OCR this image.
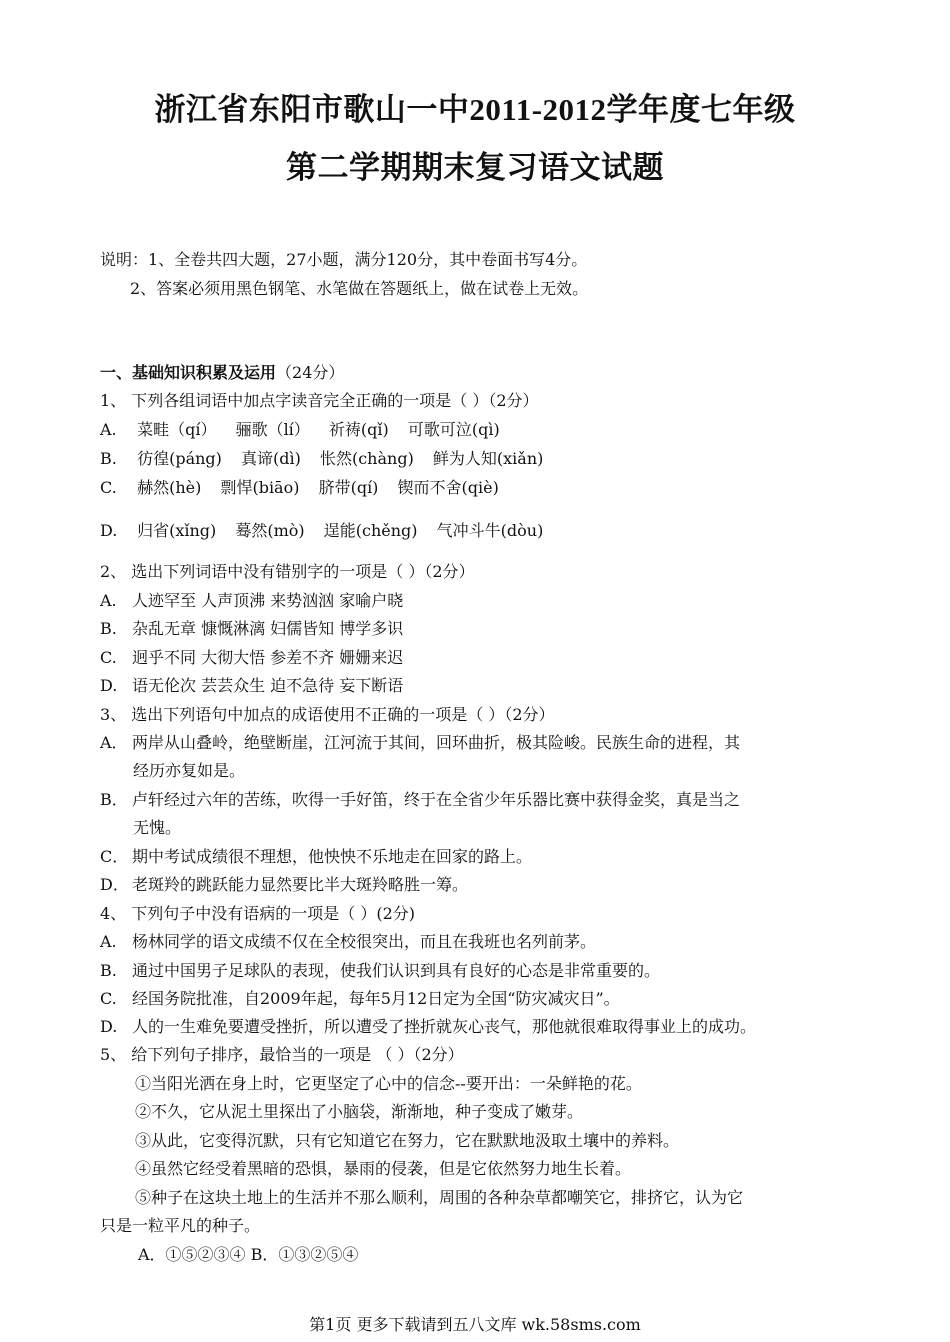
浙江省东阳市歌山一中2011-2012学年度七年级
第二学期期末复习语文试题
说明：1、全卷共四大题，27小题，满分120分，其中卷面书写4分。
2、答案必须用黑色钢笔、水笔做在答题纸上，做在试卷上无效。
一、基础知识积累及运用（24分）
1、 下列各组词语中加点字读音完全正确的一项是（ ）（2分）
A. 菜畦（qí） 骊歌（lí） 祈祷(qǐ) 可歌可泣(qì)
B. 彷徨(páng) 真谛(dì) 怅然(chàng) 鲜为人知(xiǎn)
C. 赫然(hè) 剽悍(biāo) 脐带(qí) 锲而不舍(qiè)
D. 归省(xǐng) 蓦然(mò) 逞能(chěng) 气冲斗牛(dòu)
2、 选出下列词语中没有错别字的一项是（ ）（2分）
A. 人迹罕至 人声顶沸 来势汹汹 家喻户晓
B. 杂乱无章 慷慨淋漓 妇儒皆知 博学多识
C. 迥乎不同 大彻大悟 参差不齐 姗姗来迟
D. 语无伦次 芸芸众生 迫不急待 妄下断语
3、 选出下列语句中加点的成语使用不正确的一项是（ ）（2分）
A． 两岸从山叠岭，绝壁断崖，江河流于其间，回环曲折，极其险峻。民族生命的进程，其
经历亦复如是。
B． 卢轩经过六年的苦练，吹得一手好笛，终于在全省少年乐器比赛中获得金奖，真是当之
无愧。
C． 期中考试成绩很不理想，他怏怏不乐地走在回家的路上。
D． 老斑羚的跳跃能力显然要比半大斑羚略胜一筹。
4、 下列句子中没有语病的一项是（ ）(2分)
A. 杨林同学的语文成绩不仅在全校很突出，而且在我班也名列前茅。
B. 通过中国男子足球队的表现，使我们认识到具有良好的心态是非常重要的。
C. 经国务院批准，自2009年起，每年5月12日定为全国“防灾减灾日”。
D. 人的一生难免要遭受挫折，所以遭受了挫折就灰心丧气，那他就很难取得事业上的成功。
5、 给下列句子排序，最恰当的一项是 （ ）（2分）
①当阳光洒在身上时，它更坚定了心中的信念--要开出：一朵鲜艳的花。
②不久，它从泥土里探出了小脑袋，渐渐地，种子变成了嫩芽。
③从此，它变得沉默，只有它知道它在努力，它在默默地汲取土壤中的养料。
④虽然它经受着黑暗的恐惧，暴雨的侵袭，但是它依然努力地生长着。
⑤种子在这块土地上的生活并不那么顺利，周围的各种杂草都嘲笑它，排挤它，认为它
只是一粒平凡的种子。
A．①⑤②③④ B．①③②⑤④
第1页 更多下载请到五八文库 wk.58sms.com
